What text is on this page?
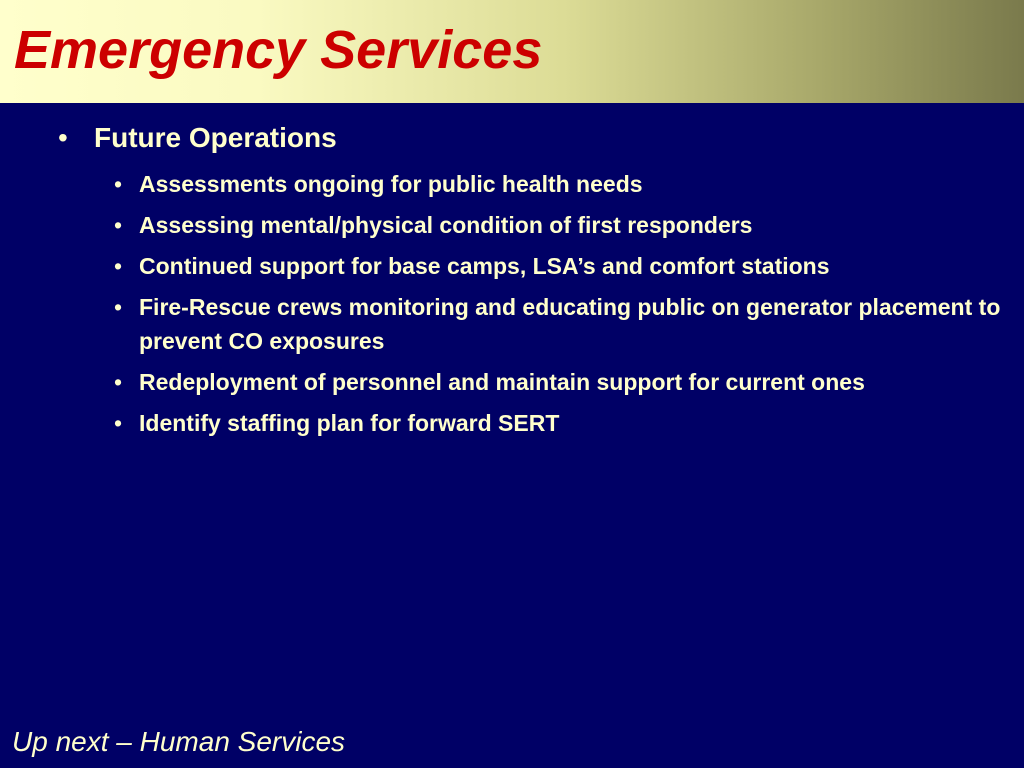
Emergency Services
• Future Operations
• Assessments ongoing for public health needs
• Assessing mental/physical condition of first responders
• Continued support for base camps, LSA’s and comfort stations
• Fire-Rescue crews monitoring and educating public on generator placement to prevent CO exposures
• Redeployment of personnel and maintain support for current ones
• Identify staffing plan for forward SERT
Up next – Human Services
